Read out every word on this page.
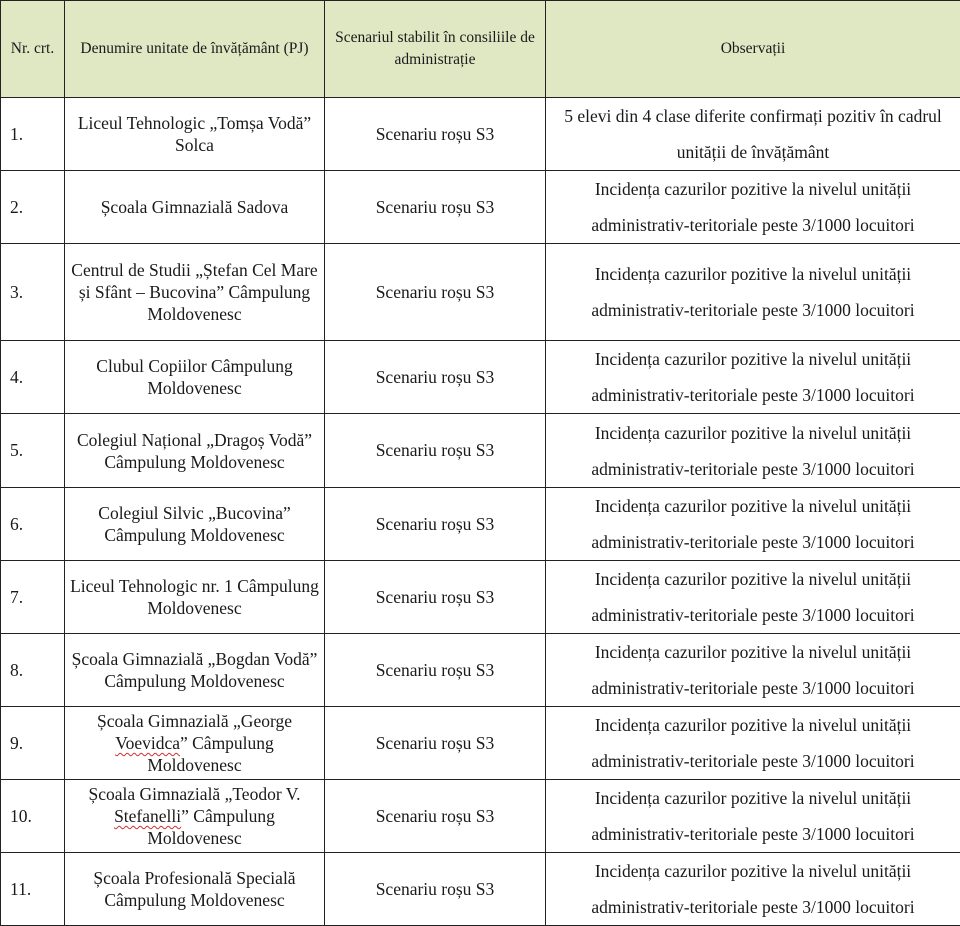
Nr. crt.	Denumire unitate de învățământ (PJ)	Scenariul stabilit în consiliile de administrație	Observații
1.	Liceul Tehnologic „Tomșa Vodă” Solca	Scenariu roșu S3	5 elevi din 4 clase diferite confirmați pozitiv în cadrul unității de învățământ
2.	Școala Gimnazială Sadova	Scenariu roșu S3	Incidența cazurilor pozitive la nivelul unității administrativ-teritoriale peste 3/1000 locuitori
3.	Centrul de Studii „Ștefan Cel Mare și Sfânt – Bucovina” Câmpulung Moldovenesc	Scenariu roșu S3	Incidența cazurilor pozitive la nivelul unității administrativ-teritoriale peste 3/1000 locuitori
4.	Clubul Copiilor Câmpulung Moldovenesc	Scenariu roșu S3	Incidența cazurilor pozitive la nivelul unității administrativ-teritoriale peste 3/1000 locuitori
5.	Colegiul Național „Dragoș Vodă” Câmpulung Moldovenesc	Scenariu roșu S3	Incidența cazurilor pozitive la nivelul unității administrativ-teritoriale peste 3/1000 locuitori
6.	Colegiul Silvic „Bucovina” Câmpulung Moldovenesc	Scenariu roșu S3	Incidența cazurilor pozitive la nivelul unității administrativ-teritoriale peste 3/1000 locuitori
7.	Liceul Tehnologic nr. 1 Câmpulung Moldovenesc	Scenariu roșu S3	Incidența cazurilor pozitive la nivelul unității administrativ-teritoriale peste 3/1000 locuitori
8.	Școala Gimnazială „Bogdan Vodă” Câmpulung Moldovenesc	Scenariu roșu S3	Incidența cazurilor pozitive la nivelul unității administrativ-teritoriale peste 3/1000 locuitori
9.	Școala Gimnazială „George Voevidca” Câmpulung Moldovenesc	Scenariu roșu S3	Incidența cazurilor pozitive la nivelul unității administrativ-teritoriale peste 3/1000 locuitori
10.	Școala Gimnazială „Teodor V. Stefanelli” Câmpulung Moldovenesc	Scenariu roșu S3	Incidența cazurilor pozitive la nivelul unității administrativ-teritoriale peste 3/1000 locuitori
11.	Școala Profesională Specială Câmpulung Moldovenesc	Scenariu roșu S3	Incidența cazurilor pozitive la nivelul unității administrativ-teritoriale peste 3/1000 locuitori
